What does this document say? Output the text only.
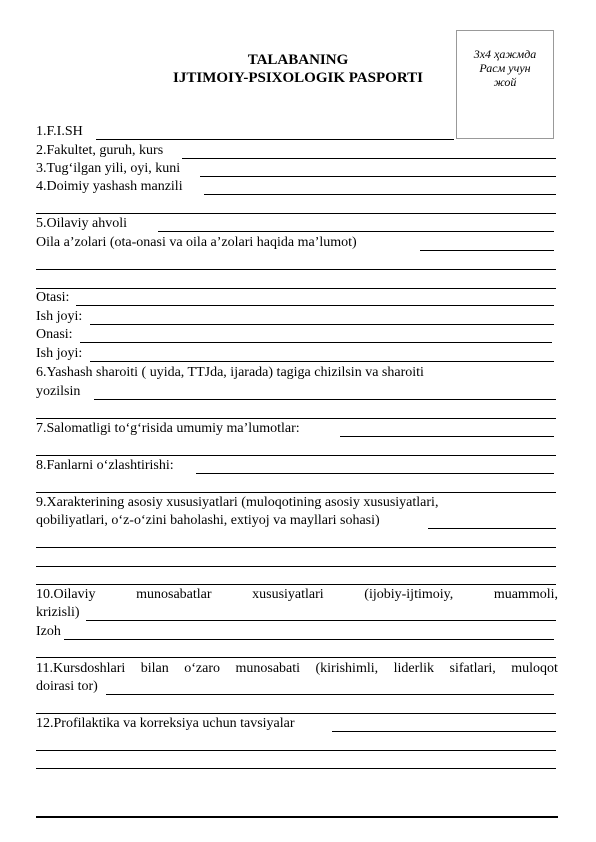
TALABANING
IJTIMOIY-PSIXOLOGIK PASPORTI
3x4 ҳажмда
Расм учун
жой
1.F.I.SH
2.Fakultet, guruh, kurs
3.Tug‘ilgan yili, oyi, kuni
4.Doimiy yashash manzili
5.Oilaviy ahvoli
Oila a’zolari (ota-onasi va oila a’zolari haqida ma’lumot)
Otasi:
Ish joyi:
Onasi:
Ish joyi:
6.Yashash sharoiti ( uyida, TTJda, ijarada) tagiga chizilsin va sharoiti
yozilsin
7.Salomatligi to‘g‘risida umumiy ma’lumotlar:
8.Fanlarni o‘zlashtirishi:
9.Xarakterining asosiy xususiyatlari (muloqotining asosiy xususiyatlari,
qobiliyatlari, o‘z-o‘zini baholashi, extiyoj va mayllari sohasi)
10.Oilaviy	munosabatlar	xususiyatlari	(ijobiy-ijtimoiy,	muammoli,
krizisli)
Izoh
11.Kursdoshlari bilan o‘zaro munosabati (kirishimli, liderlik sifatlari, muloqot
doirasi tor)
12.Profilaktika va korreksiya uchun tavsiyalar
